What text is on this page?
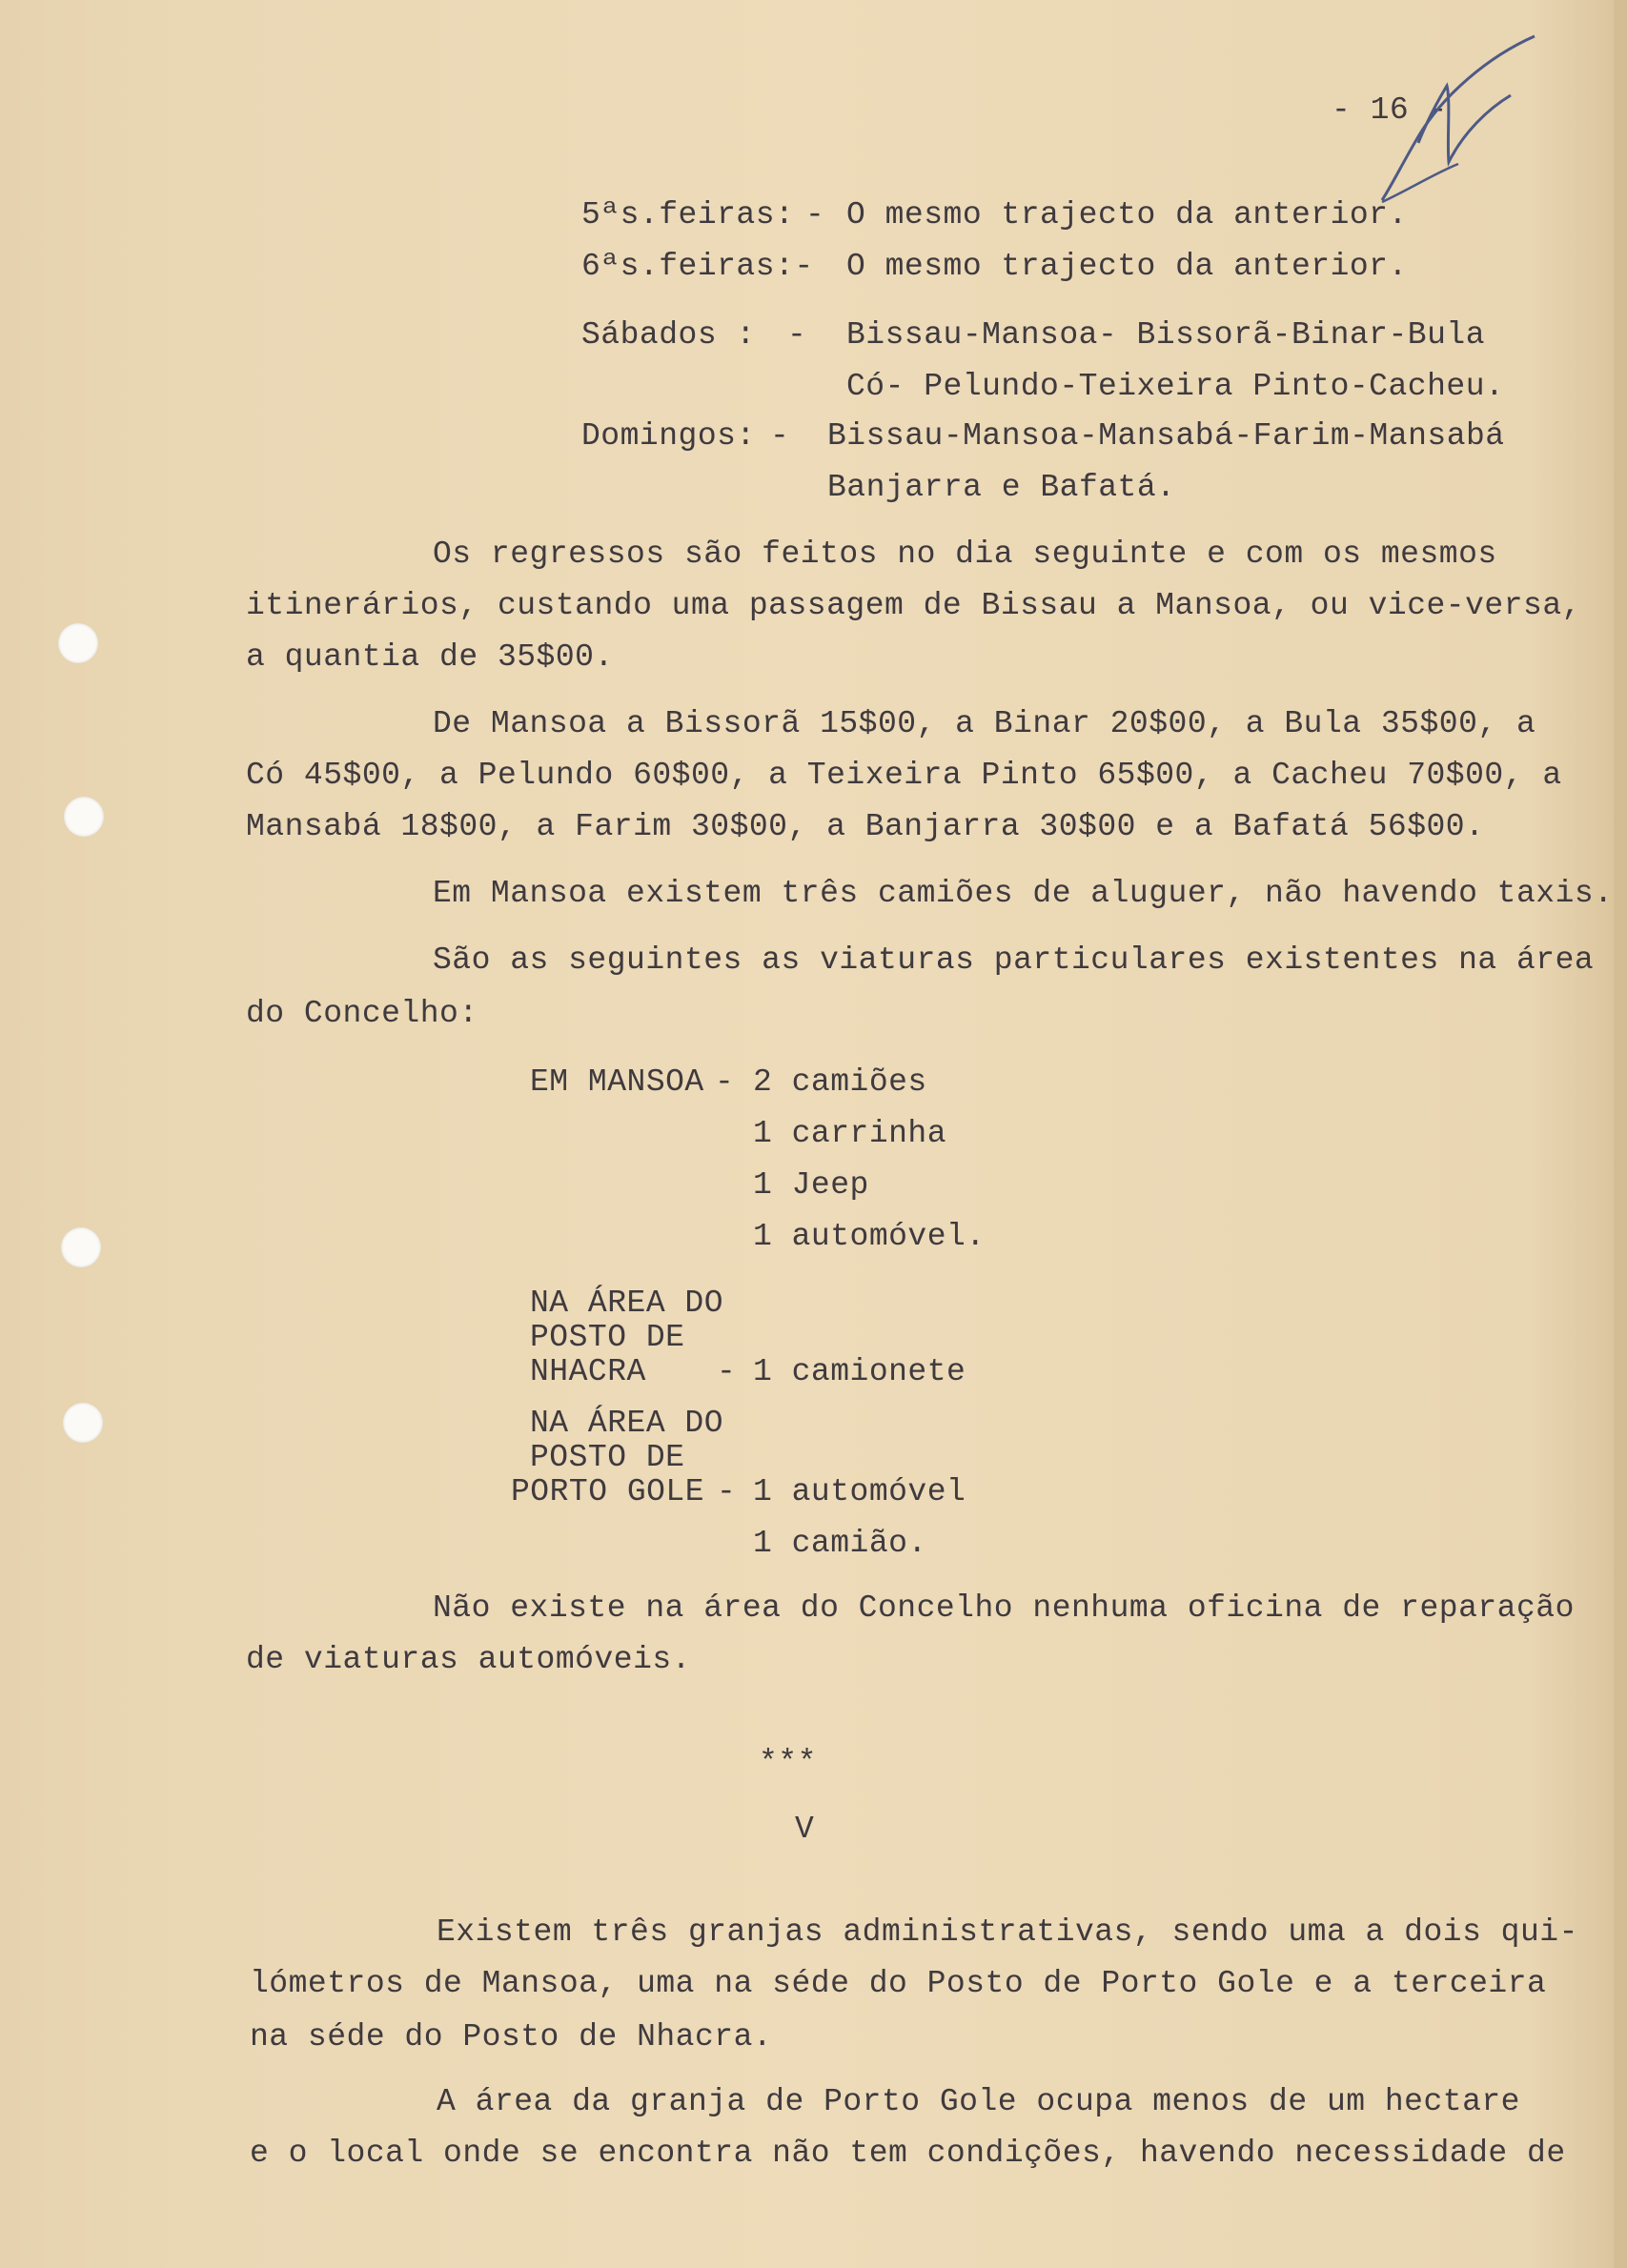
- 16 -
5ªs.feiras: - O mesmo trajecto da anterior.
6ªs.feiras:- O mesmo trajecto da anterior.
Sábados : - Bissau-Mansoa- Bissorã-Binar-Bula
Có- Pelundo-Teixeira Pinto-Cacheu.
Domingos: - Bissau-Mansoa-Mansabá-Farim-Mansabá
Banjarra e Bafatá.
Os regressos são feitos no dia seguinte e com os mesmos
itinerários, custando uma passagem de Bissau a Mansoa, ou vice-versa,
a quantia de 35$00.
De Mansoa a Bissorã 15$00, a Binar 20$00, a Bula 35$00, a
Có 45$00, a Pelundo 60$00, a Teixeira Pinto 65$00, a Cacheu 70$00, a
Mansabá 18$00, a Farim 30$00, a Banjarra 30$00 e a Bafatá 56$00.
Em Mansoa existem três camiões de aluguer, não havendo taxis.
São as seguintes as viaturas particulares existentes na área
do Concelho:
EM MANSOA - 2 camiões
1 carrinha
1 Jeep
1 automóvel.
NA ÁREA DO
POSTO DE
NHACRA - 1 camionete
NA ÁREA DO
POSTO DE
PORTO GOLE - 1 automóvel
1 camião.
Não existe na área do Concelho nenhuma oficina de reparação
de viaturas automóveis.
***
V
Existem três granjas administrativas, sendo uma a dois qui-
lómetros de Mansoa, uma na séde do Posto de Porto Gole e a terceira
na séde do Posto de Nhacra.
A área da granja de Porto Gole ocupa menos de um hectare
e o local onde se encontra não tem condições, havendo necessidade de
